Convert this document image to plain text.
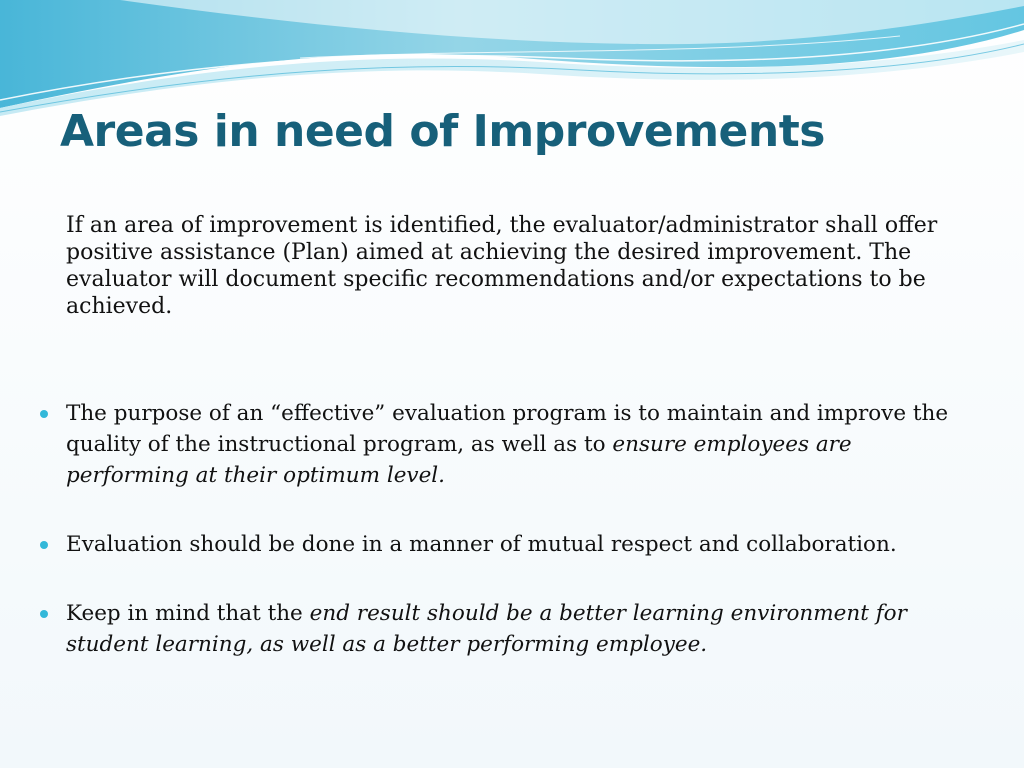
Areas in need of Improvements

If an area of improvement is identified, the evaluator/administrator shall offer positive assistance (Plan) aimed at achieving the desired improvement. The evaluator will document specific recommendations and/or expectations to be achieved.

The purpose of an “effective” evaluation program is to maintain and improve the quality of the instructional program, as well as to ensure employees are performing at their optimum level.
Evaluation should be done in a manner of mutual respect and collaboration.
Keep in mind that the end result should be a better learning environment for student learning, as well as a better performing employee.
